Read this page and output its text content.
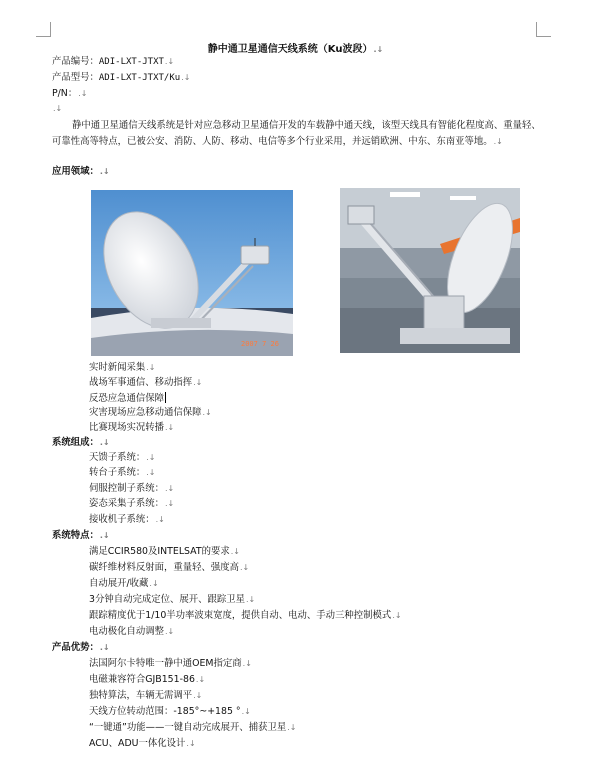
静中通卫星通信天线系统（Ku波段）.↓
产品编号：ADI-LXT-JTXT.↓
产品型号：ADI-LXT-JTXT/Ku.↓
P/N：.↓
.↓
静中通卫星通信天线系统是针对应急移动卫星通信开发的车载静中通天线，该型天线具有智能化程度高、重量轻、可靠性高等特点，已被公安、消防、人防、移动、电信等多个行业采用，并远销欧洲、中东、东南亚等地。.↓
应用领域：.↓
2007 7 26
实时新闻采集.↓
战场军事通信、移动指挥.↓
反恐应急通信保障
灾害现场应急移动通信保障.↓
比赛现场实况转播.↓
系统组成：.↓
天馈子系统：.↓
转台子系统：.↓
伺服控制子系统：.↓
姿态采集子系统：.↓
接收机子系统：.↓
系统特点：.↓
满足CCIR580及INTELSAT的要求.↓
碳纤维材料反射面，重量轻、强度高.↓
自动展开/收藏.↓
3分钟自动完成定位、展开、跟踪卫星.↓
跟踪精度优于1/10半功率波束宽度，提供自动、电动、手动三种控制模式.↓
电动极化自动调整.↓
产品优势：.↓
法国阿尔卡特唯一静中通OEM指定商.↓
电磁兼容符合GJB151-86.↓
独特算法，车辆无需调平.↓
天线方位转动范围：-185°~+185 °.↓
“一键通”功能——一键自动完成展开、捕获卫星.↓
ACU、ADU一体化设计.↓
